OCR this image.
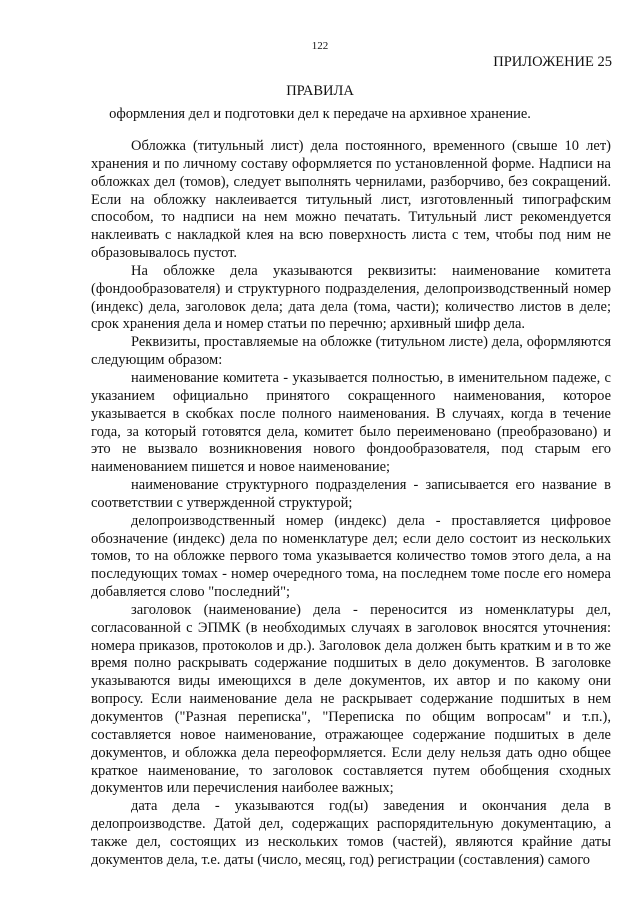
122
ПРИЛОЖЕНИЕ 25
ПРАВИЛА
оформления дел и подготовки дел к передаче на архивное хранение.

Обложка (титульный лист) дела постоянного, временного (свыше 10 лет) хранения и по личному составу оформляется по установленной форме. Надписи на обложках дел (томов), следует выполнять чернилами, разборчиво, без сокращений. Если на обложку наклеивается титульный лист, изготовленный типографским способом, то надписи на нем можно печатать. Титульный лист рекомендуется наклеивать с накладкой клея на всю поверхность листа с тем, чтобы под ним не образовывалось пустот.

На обложке дела указываются реквизиты: наименование комитета (фондообразователя) и структурного подразделения, делопроизводственный номер (индекс) дела, заголовок дела; дата дела (тома, части); количество листов в деле; срок хранения дела и номер статьи по перечню; архивный шифр дела.

Реквизиты, проставляемые на обложке (титульном листе) дела, оформляются следующим образом:

наименование комитета - указывается полностью, в именительном падеже, с указанием официально принятого сокращенного наименования, которое указывается в скобках после полного наименования. В случаях, когда в течение года, за который готовятся дела, комитет было переименовано (преобразовано) и это не вызвало возникновения нового фондообразователя, под старым его наименованием пишется и новое наименование;

наименование структурного подразделения - записывается его название в соответствии с утвержденной структурой;

делопроизводственный номер (индекс) дела - проставляется цифровое обозначение (индекс) дела по номенклатуре дел; если дело состоит из нескольких томов, то на обложке первого тома указывается количество томов этого дела, а на последующих томах - номер очередного тома, на последнем томе после его номера добавляется слово "последний";

заголовок (наименование) дела - переносится из номенклатуры дел, согласованной с ЭПМК (в необходимых случаях в заголовок вносятся уточнения: номера приказов, протоколов и др.). Заголовок дела должен быть кратким и в то же время полно раскрывать содержание подшитых в дело документов. В заголовке указываются виды имеющихся в деле документов, их автор и по какому они вопросу. Если наименование дела не раскрывает содержание подшитых в нем документов ("Разная переписка", "Переписка по общим вопросам" и т.п.), составляется новое наименование, отражающее содержание подшитых в деле документов, и обложка дела переоформляется. Если делу нельзя дать одно общее краткое наименование, то заголовок составляется путем обобщения сходных документов или перечисления наиболее важных;

дата дела - указываются год(ы) заведения и окончания дела в делопроизводстве. Датой дел, содержащих распорядительную документацию, а также дел, состоящих из нескольких томов (частей), являются крайние даты документов дела, т.е. даты (число, месяц, год) регистрации (составления) самого
